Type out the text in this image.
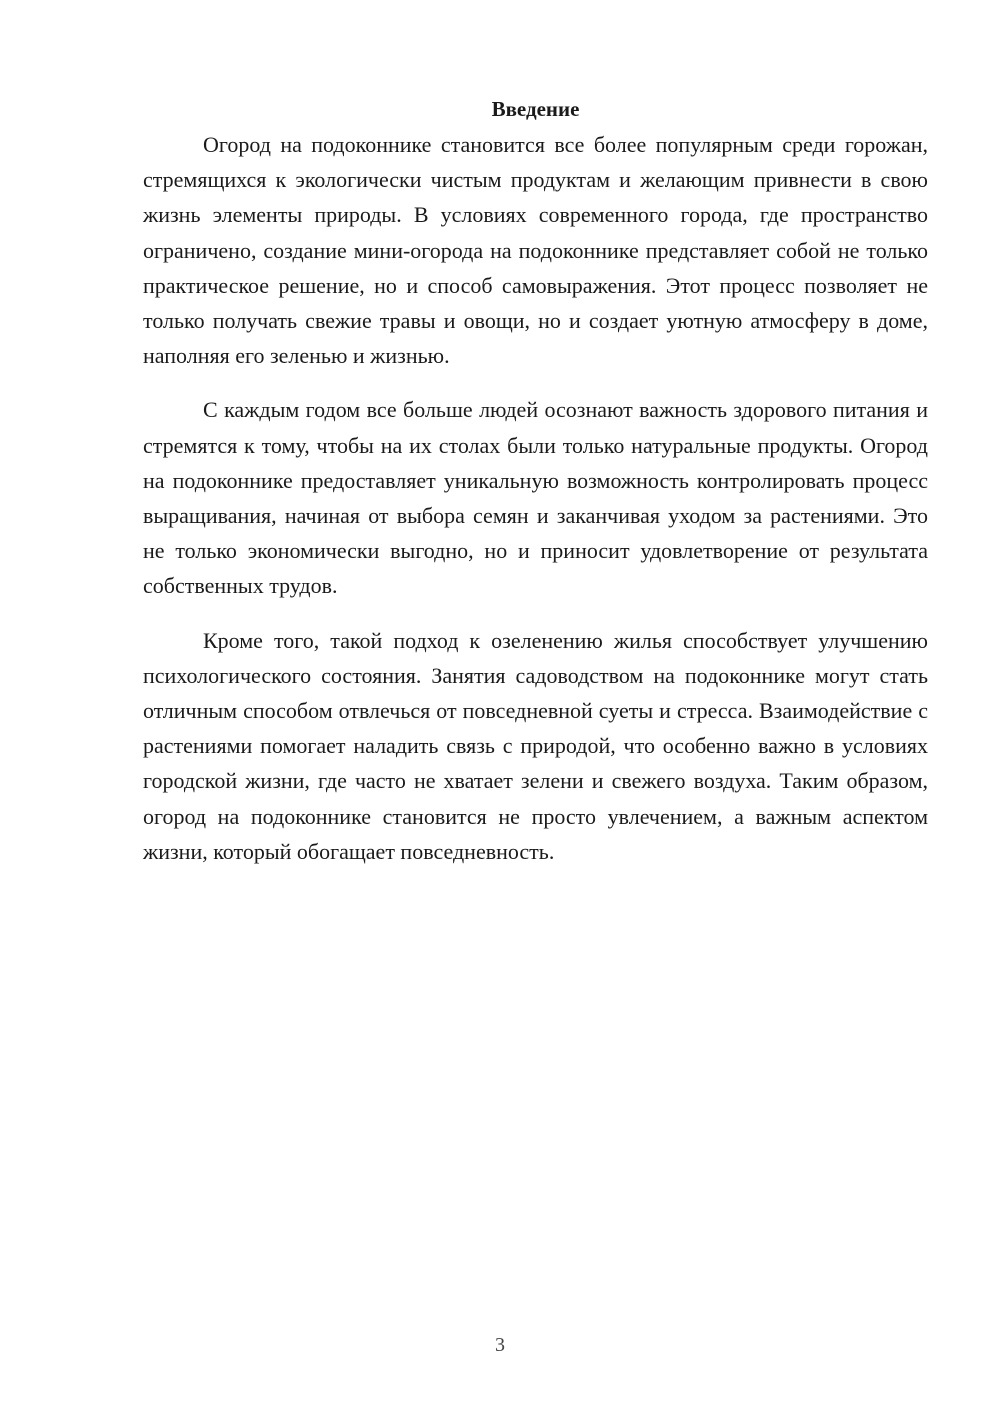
Введение

Огород на подоконнике становится все более популярным среди горожан, стремящихся к экологически чистым продуктам и желающим привнести в свою жизнь элементы природы. В условиях современного города, где пространство ограничено, создание мини-огорода на подоконнике представляет собой не только практическое решение, но и способ самовыражения. Этот процесс позволяет не только получать свежие травы и овощи, но и создает уютную атмосферу в доме, наполняя его зеленью и жизнью.

С каждым годом все больше людей осознают важность здорового питания и стремятся к тому, чтобы на их столах были только натуральные продукты. Огород на подоконнике предоставляет уникальную возможность контролировать процесс выращивания, начиная от выбора семян и заканчивая уходом за растениями. Это не только экономически выгодно, но и приносит удовлетворение от результата собственных трудов.

Кроме того, такой подход к озеленению жилья способствует улучшению психологического состояния. Занятия садоводством на подоконнике могут стать отличным способом отвлечься от повседневной суеты и стресса. Взаимодействие с растениями помогает наладить связь с природой, что особенно важно в условиях городской жизни, где часто не хватает зелени и свежего воздуха. Таким образом, огород на подоконнике становится не просто увлечением, а важным аспектом жизни, который обогащает повседневность.

3
